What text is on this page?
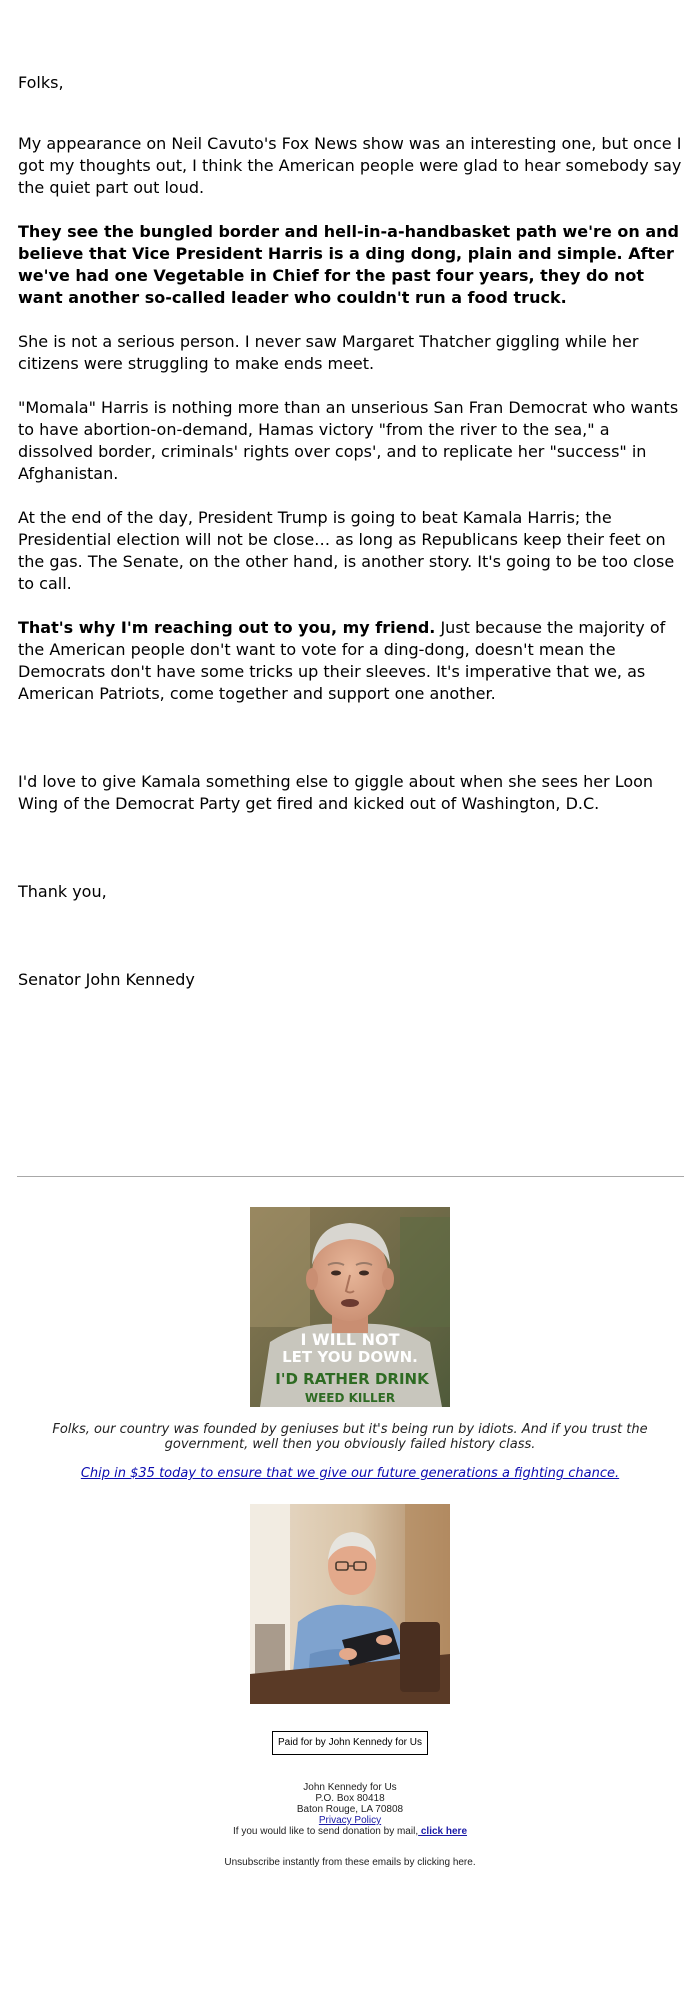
Folks,

My appearance on Neil Cavuto's Fox News show was an interesting one, but once I got my thoughts out, I think the American people were glad to hear somebody say the quiet part out loud.

They see the bungled border and hell-in-a-handbasket path we're on and believe that Vice President Harris is a ding dong, plain and simple. After we've had one Vegetable in Chief for the past four years, they do not want another so-called leader who couldn't run a food truck.

She is not a serious person. I never saw Margaret Thatcher giggling while her citizens were struggling to make ends meet.

"Momala" Harris is nothing more than an unserious San Fran Democrat who wants to have abortion-on-demand, Hamas victory "from the river to the sea," a dissolved border, criminals' rights over cops', and to replicate her "success" in Afghanistan.

At the end of the day, President Trump is going to beat Kamala Harris; the Presidential election will not be close… as long as Republicans keep their feet on the gas. The Senate, on the other hand, is another story. It's going to be too close to call.

That's why I'm reaching out to you, my friend. Just because the majority of the American people don't want to vote for a ding-dong, doesn't mean the Democrats don't have some tricks up their sleeves. It's imperative that we, as American Patriots, come together and support one another.

I'd love to give Kamala something else to giggle about when she sees her Loon Wing of the Democrat Party get fired and kicked out of Washington, D.C.

Thank you,

Senator John Kennedy

I WILL NOT
LET YOU DOWN.
I'D RATHER DRINK
WEED KILLER
Folks, our country was founded by geniuses but it's being run by idiots. And if you trust the government, well then you obviously failed history class.
Chip in $35 today to ensure that we give our future generations a fighting chance.
Paid for by John Kennedy for Us
John Kennedy for Us
P.O. Box 80418
Baton Rouge, LA 70808
Privacy Policy
If you would like to send donation by mail, click here
Unsubscribe instantly from these emails by clicking here.
